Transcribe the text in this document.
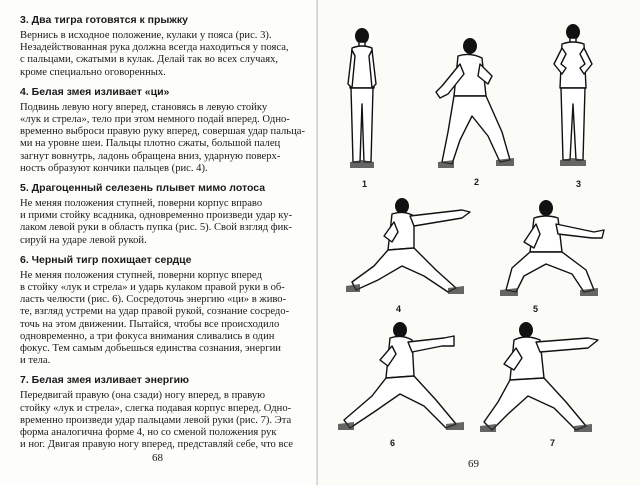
3. Два тигра готовятся к прыжку
Вернись в исходное положение, кулаки у пояса (рис. 3).
Незадействованная рука должна всегда находиться у пояса,
с пальцами, сжатыми в кулак. Делай так во всех случаях,
кроме специально оговоренных.
4. Белая змея изливает «ци»
Подвинь левую ногу вперед, становясь в левую стойку
«лук и стрела», тело при этом немного подай вперед. Одно-
временно выброси правую руку вперед, совершая удар пальца-
ми на уровне шеи. Пальцы плотно сжаты, большой палец
загнут вовнутрь, ладонь обращена вниз, ударную поверх-
ность образуют кончики пальцев (рис. 4).
5. Драгоценный селезень плывет мимо лотоса
Не меняя положения ступней, поверни корпус вправо
и прими стойку всадника, одновременно произведи удар ку-
лаком левой руки в область пупка (рис. 5). Свой взгляд фик-
сируй на ударе левой рукой.
6. Черный тигр похищает сердце
Не меняя положения ступней, поверни корпус вперед
в стойку «лук и стрела» и ударь кулаком правой руки в об-
ласть челюсти (рис. 6). Сосредоточь энергию «ци» в живо-
те, взгляд устреми на удар правой рукой, сознание сосредо-
точь на этом движении. Пытайся, чтобы все происходило
одновременно, а три фокуса внимания сливались в один
фокус. Тем самым добьешься единства сознания, энергии
и тела.
7. Белая змея изливает энергию
Передвигай правую (она сзади) ногу вперед, в правую
стойку «лук и стрела», слегка подавая корпус вперед. Одно-
временно произведи удар пальцами левой руки (рис. 7). Эта
форма аналогична форме 4, но со сменой положения рук
и ног. Двигая правую ногу вперед, представляй себе, что все
68
1	2	3
4	5
6	7
69
